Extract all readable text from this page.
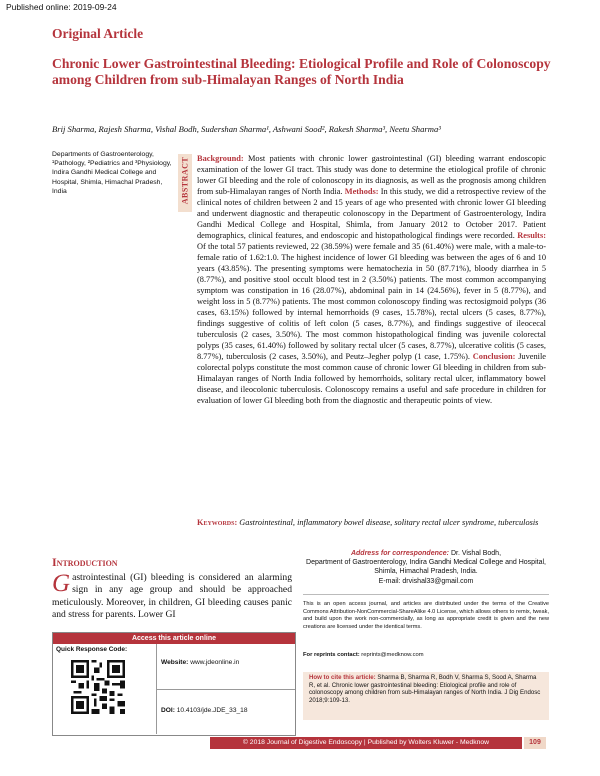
Published online: 2019-09-24
Original Article
Chronic Lower Gastrointestinal Bleeding: Etiological Profile and Role of Colonoscopy among Children from sub-Himalayan Ranges of North India
Brij Sharma, Rajesh Sharma, Vishal Bodh, Sudershan Sharma¹, Ashwani Sood², Rakesh Sharma³, Neetu Sharma³
Departments of Gastroenterology, ¹Pathology, ²Pediatrics and ³Physiology, Indira Gandhi Medical College and Hospital, Shimla, Himachal Pradesh, India	ABSTRACT Background: Most patients with chronic lower gastrointestinal (GI) bleeding warrant endoscopic examination of the lower GI tract. This study was done to determine the etiological profile of chronic lower GI bleeding and the role of colonoscopy in its diagnosis, as well as the prognosis among children from sub-Himalayan ranges of North India. Methods: In this study, we did a retrospective review of the clinical notes of children between 2 and 15 years of age who presented with chronic lower GI bleeding and underwent diagnostic and therapeutic colonoscopy in the Department of Gastroenterology, Indira Gandhi Medical College and Hospital, Shimla, from January 2012 to October 2017. Patient demographics, clinical features, and endoscopic and histopathological findings were recorded. Results: Of the total 57 patients reviewed, 22 (38.59%) were female and 35 (61.40%) were male, with a male-to-female ratio of 1.62:1.0. The highest incidence of lower GI bleeding was between the ages of 6 and 10 years (43.85%). The presenting symptoms were hematochezia in 50 (87.71%), bloody diarrhea in 5 (8.77%), and positive stool occult blood test in 2 (3.50%) patients. The most common accompanying symptom was constipation in 16 (28.07%), abdominal pain in 14 (24.56%), fever in 5 (8.77%), and weight loss in 5 (8.77%) patients. The most common colonoscopy finding was rectosigmoid polyps (36 cases, 63.15%) followed by internal hemorrhoids (9 cases, 15.78%), rectal ulcers (5 cases, 8.77%), findings suggestive of colitis of left colon (5 cases, 8.77%), and findings suggestive of ileocecal tuberculosis (2 cases, 3.50%). The most common histopathological finding was juvenile colorectal polyps (35 cases, 61.40%) followed by solitary rectal ulcer (5 cases, 8.77%), ulcerative colitis (5 cases, 8.77%), tuberculosis (2 cases, 3.50%), and Peutz–Jegher polyp (1 case, 1.75%). Conclusion: Juvenile colorectal polyps constitute the most common cause of chronic lower GI bleeding in children from sub-Himalayan ranges of North India followed by hemorrhoids, solitary rectal ulcer, inflammatory bowel disease, and ileocolonic tuberculosis. Colonoscopy remains a useful and safe procedure in children for evaluation of lower GI bleeding both from the diagnostic and therapeutic points of view.
Keywords: Gastrointestinal, inflammatory bowel disease, solitary rectal ulcer syndrome, tuberculosis
Introduction
Gastrointestinal (GI) bleeding is considered an alarming sign in any age group and should be approached meticulously. Moreover, in children, GI bleeding causes panic and stress for parents. Lower GI
Access this article online
Quick Response Code:
Website: www.jdeonline.in
DOI: 10.4103/jde.JDE_33_18
Address for correspondence: Dr. Vishal Bodh,
Department of Gastroenterology, Indira Gandhi Medical College and Hospital, Shimla, Himachal Pradesh, India.
E-mail: drvishal33@gmail.com
This is an open access journal, and articles are distributed under the terms of the Creative Commons Attribution-NonCommercial-ShareAlike 4.0 License, which allows others to remix, tweak, and build upon the work non-commercially, as long as appropriate credit is given and the new creations are licensed under the identical terms.
For reprints contact: reprints@medknow.com
How to cite this article: Sharma B, Sharma R, Bodh V, Sharma S, Sood A, Sharma R, et al. Chronic lower gastrointestinal bleeding: Etiological profile and role of colonoscopy among children from sub-Himalayan ranges of North India. J Dig Endosc 2018;9:109-13.
© 2018 Journal of Digestive Endoscopy | Published by Wolters Kluwer - Medknow	109
